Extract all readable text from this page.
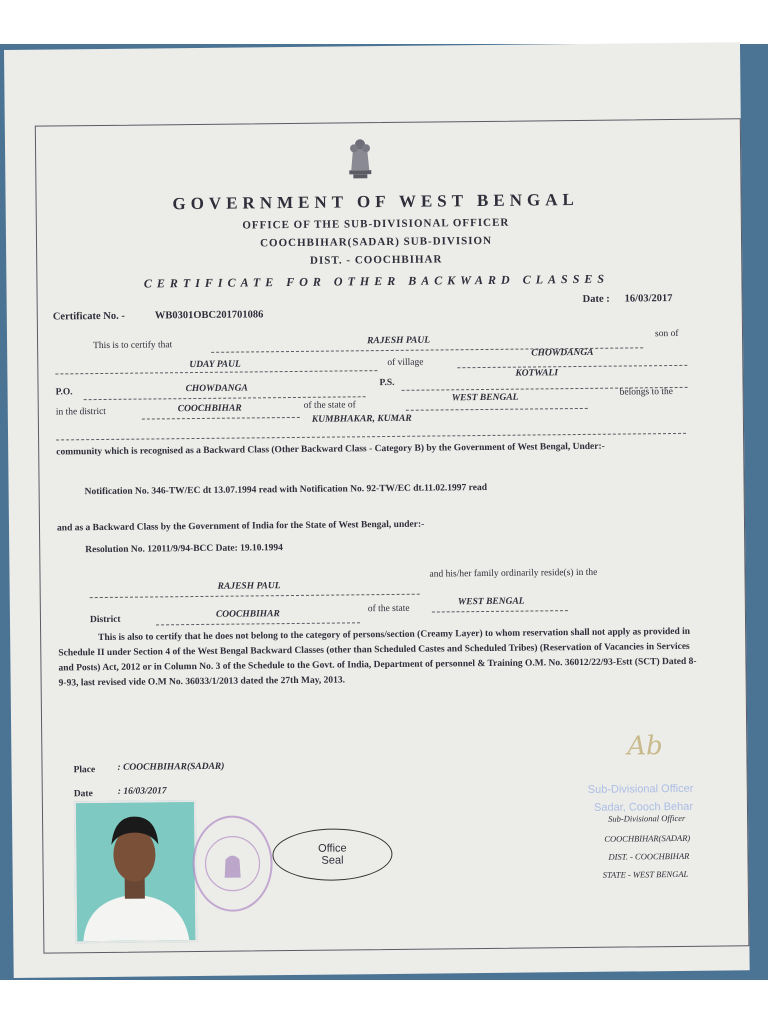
GOVERNMENT OF WEST BENGAL
OFFICE OF THE SUB-DIVISIONAL OFFICER
COOCHBIHAR(SADAR) SUB-DIVISION
DIST. - COOCHBIHAR
CERTIFICATE FOR OTHER BACKWARD CLASSES
Certificate No. -	WB0301OBC201701086
Date : 16/03/2017
This is to certify that	RAJESH PAUL
son of
UDAY PAUL	of village
CHOWDANGA
P.O.	CHOWDANGA
P.S.
KOTWALI
in the district	COOCHBIHAR	of the state of
WEST BENGAL
belongs to the
KUMBHAKAR, KUMAR
community which is recognised as a Backward Class (Other Backward Class - Category B) by the Government of West Bengal, Under:-
Notification No. 346-TW/EC dt 13.07.1994 read with Notification No. 92-TW/EC dt.11.02.1997 read
and as a Backward Class by the Government of India for the State of West Bengal, under:-
Resolution No. 12011/9/94-BCC Date: 19.10.1994
RAJESH PAUL
and his/her family ordinarily reside(s) in the
District
COOCHBIHAR
of the state
WEST BENGAL
This is also to certify that he does not belong to the category of persons/section (Creamy Layer) to whom reservation shall not apply as provided in Schedule II under Section 4 of the West Bengal Backward Classes (other than Scheduled Castes and Scheduled Tribes) (Reservation of Vacancies in Services and Posts) Act, 2012 or in Column No. 3 of the Schedule to the Govt. of India, Department of personnel & Training O.M. No. 36012/22/93-Estt (SCT) Dated 8-9-93, last revised vide O.M No. 36033/1/2013 dated the 27th May, 2013.
Place : COOCHBIHAR(SADAR)
Date	: 16/03/2017
Office
Seal
Ab
Sub-Divisional Officer
Sadar, Cooch Behar
Sub-Divisional Officer
COOCHBIHAR(SADAR)
DIST. - COOCHBIHAR
STATE - WEST BENGAL
